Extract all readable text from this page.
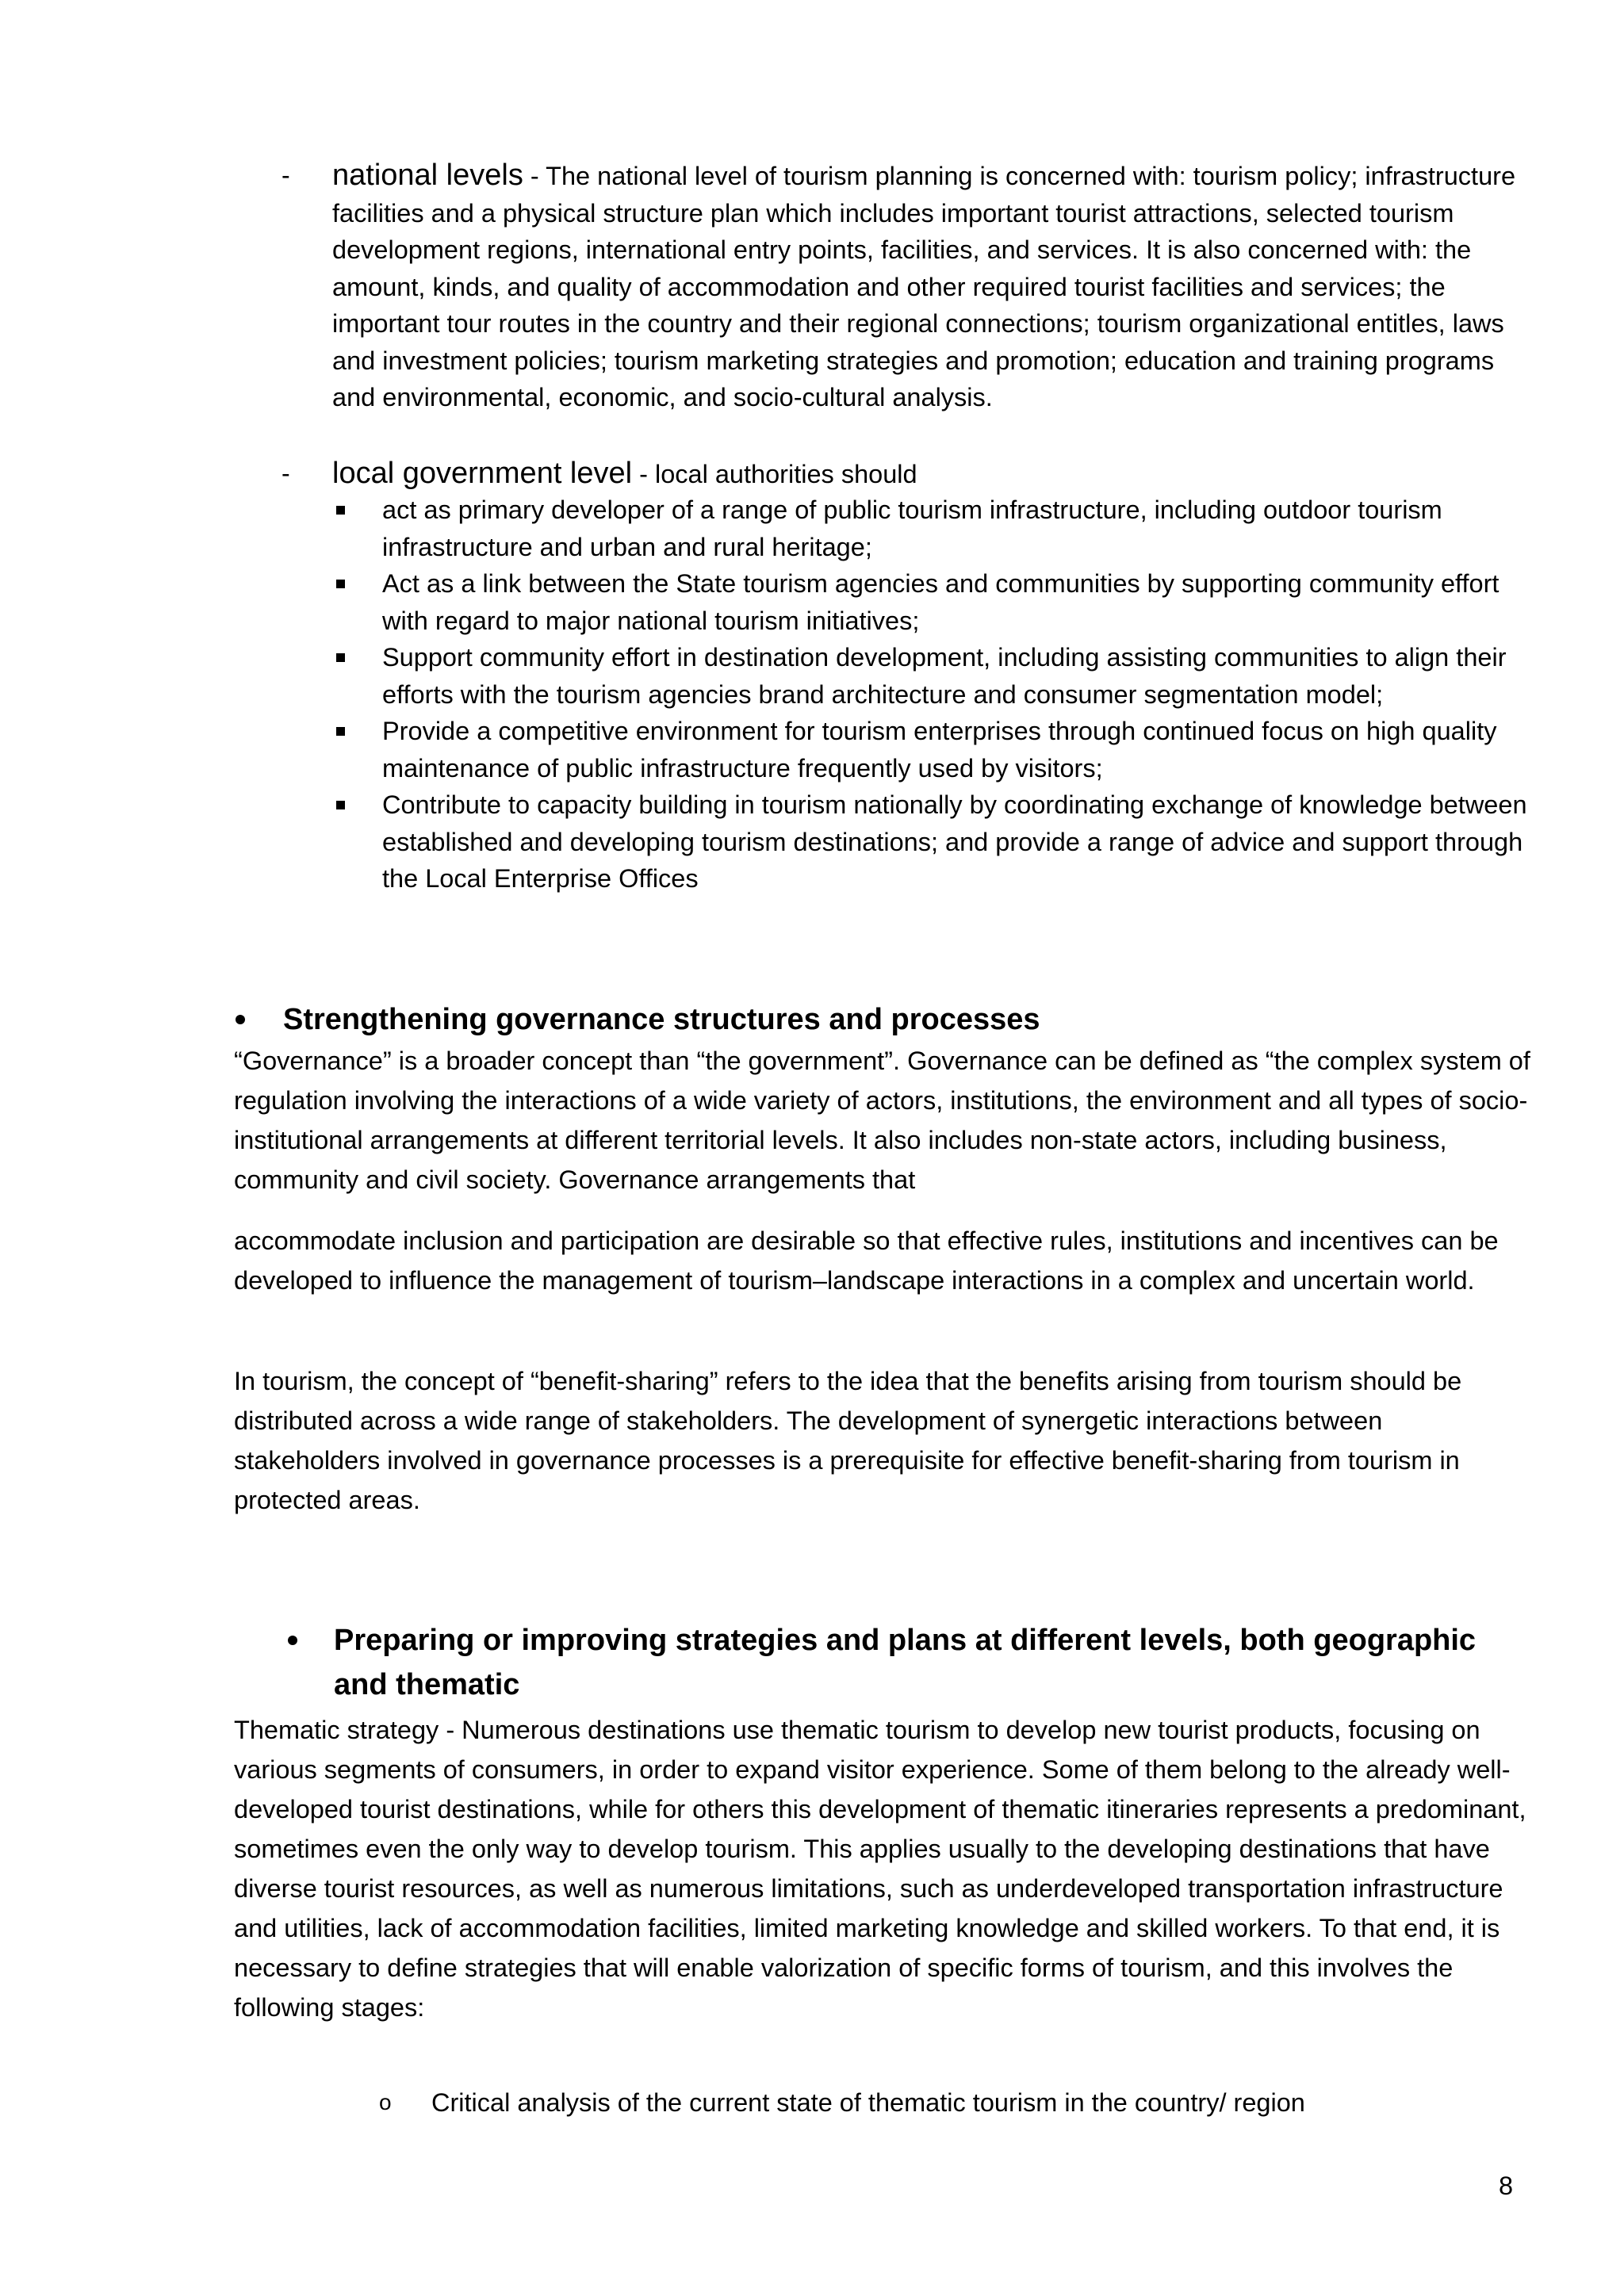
- national levels - The national level of tourism planning is concerned with: tourism policy; infrastructure facilities and a physical structure plan which includes important tourist attractions, selected tourism development regions, international entry points, facilities, and services. It is also concerned with: the amount, kinds, and quality of accommodation and other required tourist facilities and services; the important tour routes in the country and their regional connections; tourism organizational entitles, laws and investment policies; tourism marketing strategies and promotion; education and training programs and environmental, economic, and socio-cultural analysis.
- local government level - local authorities should
act as primary developer of a range of public tourism infrastructure, including outdoor tourism infrastructure and urban and rural heritage;
Act as a link between the State tourism agencies and communities by supporting community effort with regard to major national tourism initiatives;
Support community effort in destination development, including assisting communities to align their efforts with the tourism agencies brand architecture and consumer segmentation model;
Provide a competitive environment for tourism enterprises through continued focus on high quality maintenance of public infrastructure frequently used by visitors;
Contribute to capacity building in tourism nationally by coordinating exchange of knowledge between established and developing tourism destinations; and provide a range of advice and support through the Local Enterprise Offices
Strengthening governance structures and processes
“Governance” is a broader concept than “the government”. Governance can be defined as “the complex system of regulation involving the interactions of a wide variety of actors, institutions, the environment and all types of socio-institutional arrangements at different territorial levels. It also includes non-state actors, including business, community and civil society. Governance arrangements that
accommodate inclusion and participation are desirable so that effective rules, institutions and incentives can be developed to influence the management of tourism–landscape interactions in a complex and uncertain world.
In tourism, the concept of “benefit-sharing” refers to the idea that the benefits arising from tourism should be distributed across a wide range of stakeholders. The development of synergetic interactions between stakeholders involved in governance processes is a prerequisite for effective benefit-sharing from tourism in protected areas.
Preparing or improving strategies and plans at different levels, both geographic
and thematic
Thematic strategy - Numerous destinations use thematic tourism to develop new tourist products, focusing on various segments of consumers, in order to expand visitor experience. Some of them belong to the already well-developed tourist destinations, while for others this development of thematic itineraries represents a predominant, sometimes even the only way to develop tourism. This applies usually to the developing destinations that have diverse tourist resources, as well as numerous limitations, such as underdeveloped transportation infrastructure and utilities, lack of accommodation facilities, limited marketing knowledge and skilled workers. To that end, it is necessary to define strategies that will enable valorization of specific forms of tourism, and this involves the following stages:
o Critical analysis of the current state of thematic tourism in the country/ region
8
